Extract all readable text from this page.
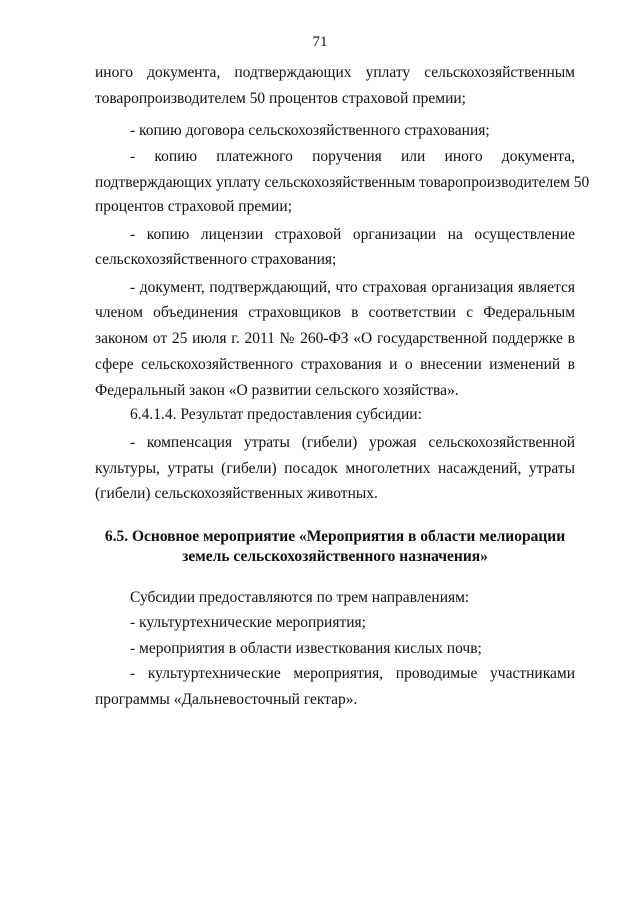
71
иного документа, подтверждающих уплату сельскохозяйственным
товаропроизводителем 50 процентов страховой премии;
- копию договора сельскохозяйственного страхования;
- копию платежного поручения или иного документа,
подтверждающих уплату сельскохозяйственным товаропроизводителем 50
процентов страховой премии;
- копию лицензии страховой организации на осуществление
сельскохозяйственного страхования;
- документ, подтверждающий, что страховая организация является
членом объединения страховщиков в соответствии с Федеральным
законом от 25 июля г. 2011 № 260-ФЗ «О государственной поддержке в
сфере сельскохозяйственного страхования и о внесении изменений в
Федеральный закон «О развитии сельского хозяйства».
6.4.1.4. Результат предоставления субсидии:
- компенсация утраты (гибели) урожая сельскохозяйственной
культуры, утраты (гибели) посадок многолетних насаждений, утраты
(гибели) сельскохозяйственных животных.
6.5. Основное мероприятие «Мероприятия в области мелиорации
земель сельскохозяйственного назначения»
Субсидии предоставляются по трем направлениям:
- культуртехнические мероприятия;
- мероприятия в области известкования кислых почв;
- культуртехнические мероприятия, проводимые участниками
программы «Дальневосточный гектар».
